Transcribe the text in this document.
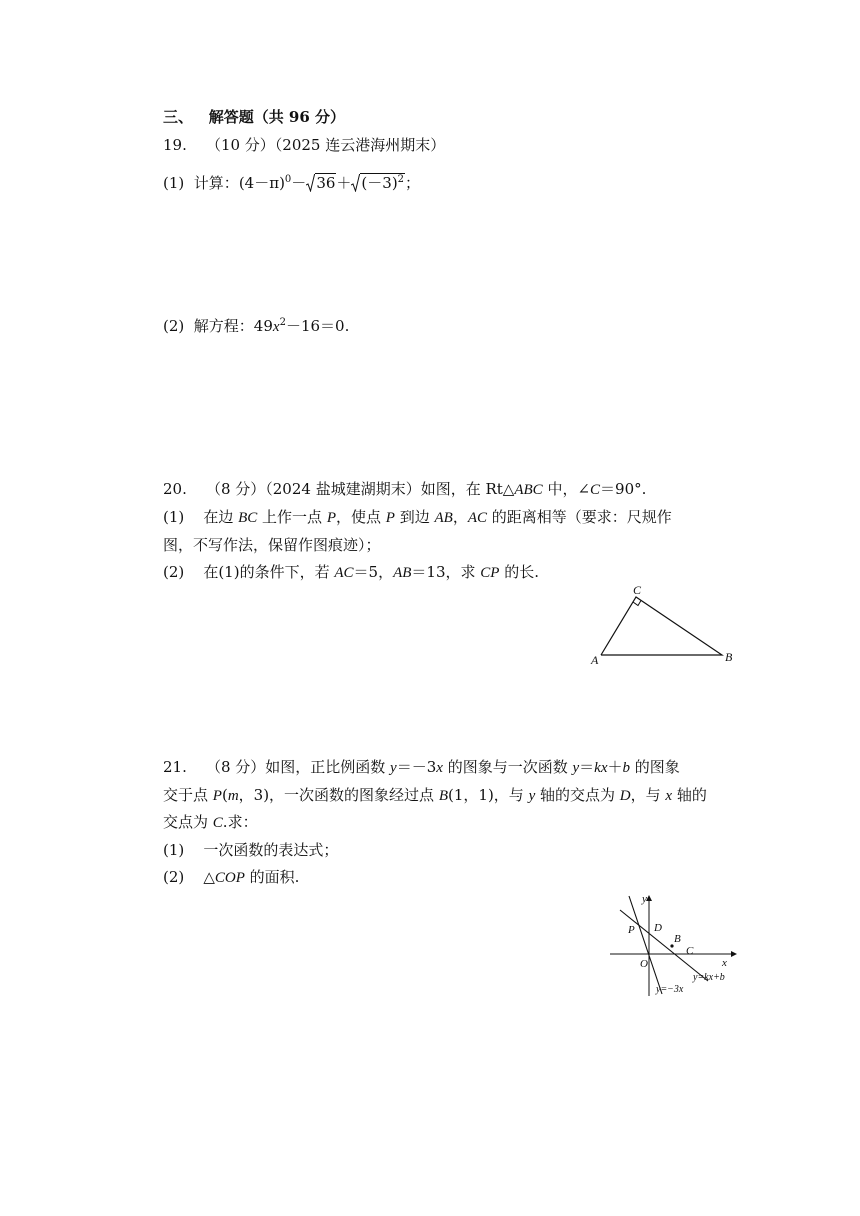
三、 解答题（共 96 分）
19. （10 分）（2025 连云港海州期末）
(1) 计算：$(4-\pi)^0- 36+ (-3)^2$；
(2) 解方程：$49x^2-16=0$.
20. （8 分）（2024 盐城建湖期末）如图，在 Rt△ABC 中，∠C＝90°.
(1) 在边 BC 上作一点 P，使点 P 到边 AB，AC 的距离相等（要求：尺规作
图，不写作法，保留作图痕迹）；
(2) 在(1)的条件下，若 AC＝5，AB＝13，求 CP 的长.
C
A	B
21. （8 分）如图，正比例函数 y＝－3x 的图象与一次函数 y＝kx＋b 的图象
交于点 P(m，3)，一次函数的图象经过点 B(1，1)，与 y 轴的交点为 D，与 x 轴的
交点为 C.求：
(1) 一次函数的表达式；
(2) △COP 的面积.
y
x
P D
B
C
O
y=kx+b
y=−3x
